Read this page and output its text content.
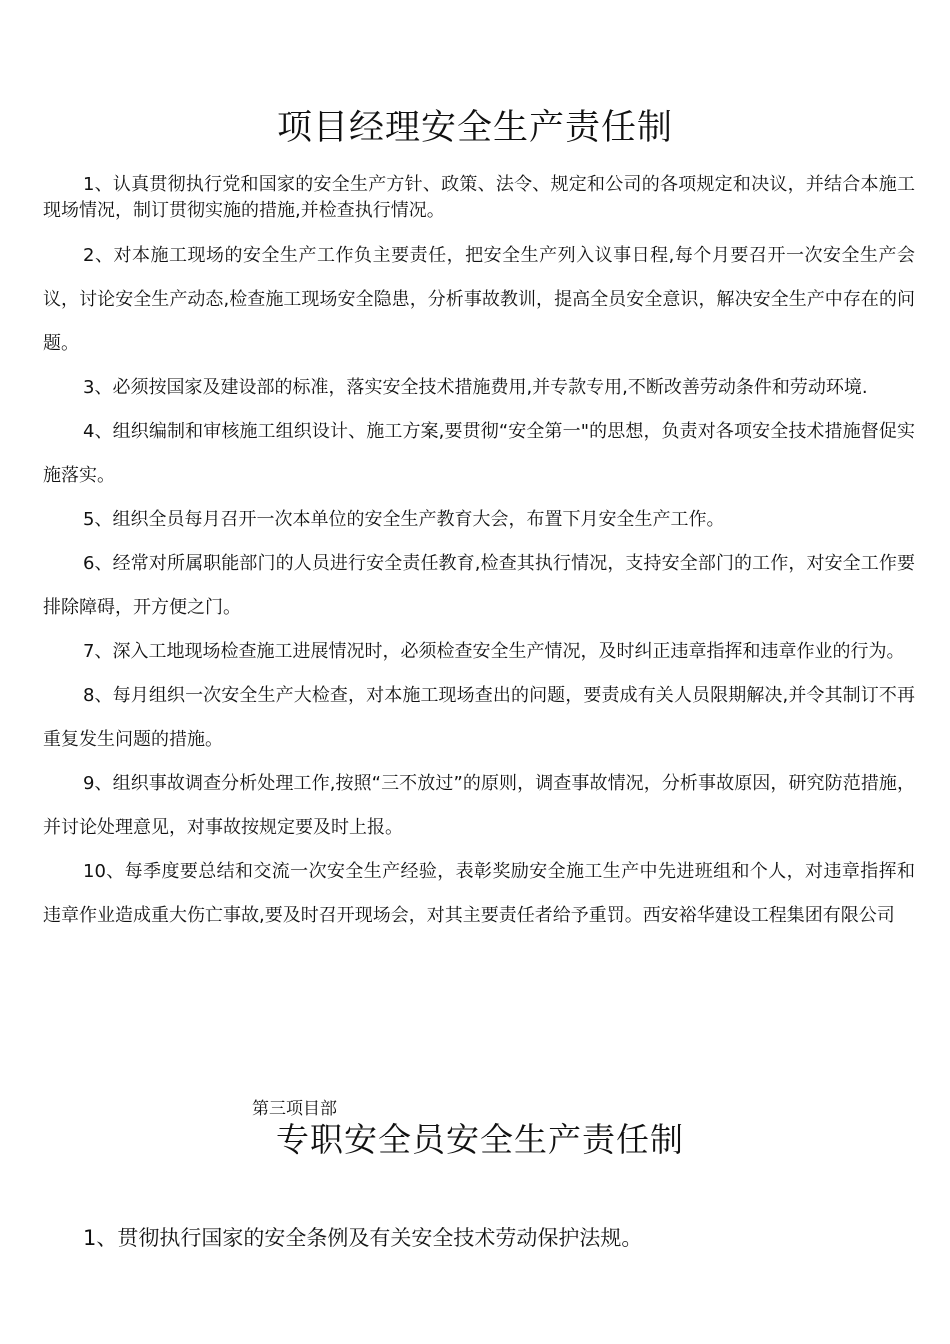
项目经理安全生产责任制

1、认真贯彻执行党和国家的安全生产方针、政策、法令、规定和公司的各项规定和决议，并结合本施工现场情况，制订贯彻实施的措施,并检查执行情况。

2、对本施工现场的安全生产工作负主要责任，把安全生产列入议事日程,每个月要召开一次安全生产会议，讨论安全生产动态,检查施工现场安全隐患，分析事故教训，提高全员安全意识，解决安全生产中存在的问题。

3、必须按国家及建设部的标准，落实安全技术措施费用,并专款专用,不断改善劳动条件和劳动环境.

4、组织编制和审核施工组织设计、施工方案,要贯彻“安全第一"的思想，负责对各项安全技术措施督促实施落实。

5、组织全员每月召开一次本单位的安全生产教育大会，布置下月安全生产工作。

6、经常对所属职能部门的人员进行安全责任教育,检查其执行情况，支持安全部门的工作，对安全工作要排除障碍，开方便之门。

7、深入工地现场检查施工进展情况时，必须检查安全生产情况，及时纠正违章指挥和违章作业的行为。

8、每月组织一次安全生产大检查，对本施工现场查出的问题，要责成有关人员限期解决,并令其制订不再重复发生问题的措施。

9、组织事故调查分析处理工作,按照“三不放过”的原则，调查事故情况，分析事故原因，研究防范措施，并讨论处理意见，对事故按规定要及时上报。

10、每季度要总结和交流一次安全生产经验，表彰奖励安全施工生产中先进班组和个人，对违章指挥和违章作业造成重大伤亡事故,要及时召开现场会，对其主要责任者给予重罚。西安裕华建设工程集团有限公司

第三项目部

专职安全员安全生产责任制

1、贯彻执行国家的安全条例及有关安全技术劳动保护法规。
